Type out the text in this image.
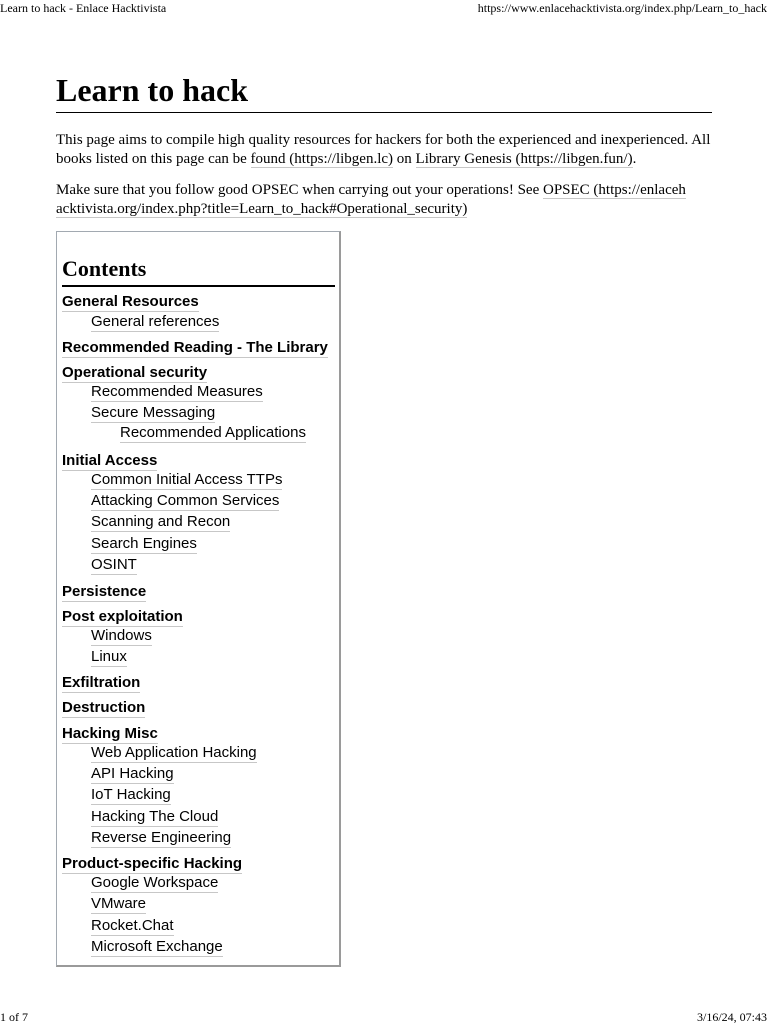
Learn to hack - Enlace Hacktivista	https://www.enlacehacktivista.org/index.php/Learn_to_hack
Learn to hack

This page aims to compile high quality resources for hackers for both the experienced and inexperienced. All books listed on this page can be found (https://libgen.lc) on Library Genesis (https://libgen.fun/).

Make sure that you follow good OPSEC when carrying out your operations! See OPSEC (https://enlaceh
acktivista.org/index.php?title=Learn_to_hack#Operational_security)

Contents
General Resources
General references
Recommended Reading - The Library
Operational security
Recommended Measures
Secure Messaging
Recommended Applications
Initial Access
Common Initial Access TTPs
Attacking Common Services
Scanning and Recon
Search Engines
OSINT
Persistence
Post exploitation
Windows
Linux
Exfiltration
Destruction
Hacking Misc
Web Application Hacking
API Hacking
IoT Hacking
Hacking The Cloud
Reverse Engineering
Product-specific Hacking
Google Workspace
VMware
Rocket.Chat
Microsoft Exchange
1 of 7	3/16/24, 07:43
